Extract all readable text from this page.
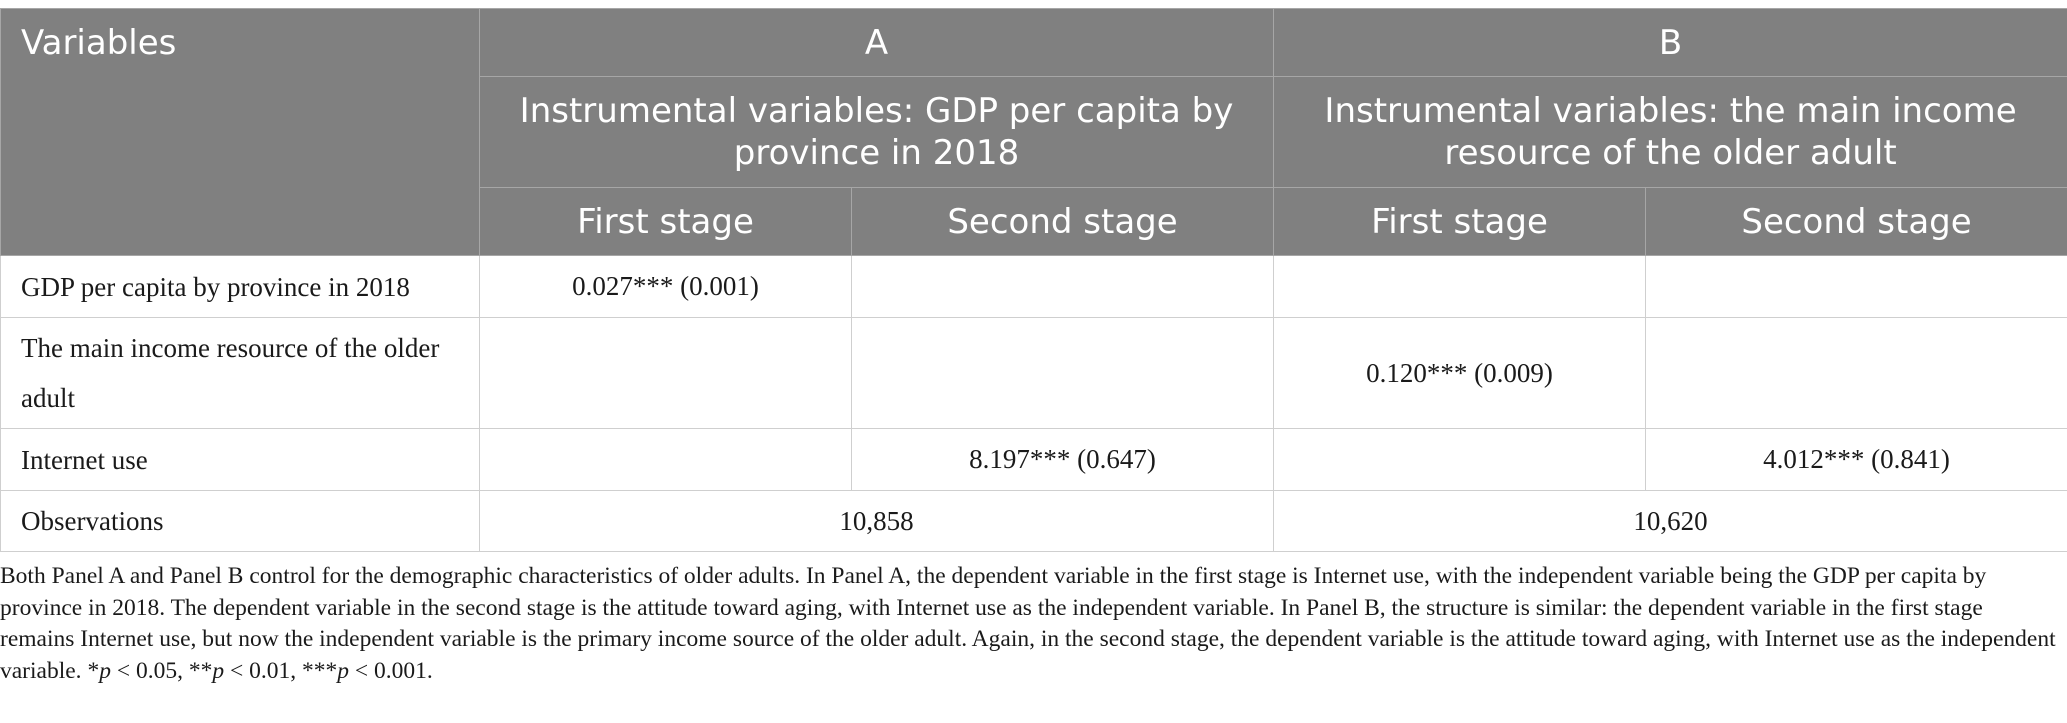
Variables	A		B	
	Instrumental variables: GDP per capita by province in 2018		Instrumental variables: the main income resource of the older adult	
	First stage	Second stage	First stage	Second stage
GDP per capita by province in 2018	0.027*** (0.001)			
The main income resource of the older adult			0.120*** (0.009)	
Internet use		8.197*** (0.647)		4.012*** (0.841)
Observations	10,858		10,620	
Both Panel A and Panel B control for the demographic characteristics of older adults. In Panel A, the dependent variable in the first stage is Internet use, with the independent variable being the GDP per capita by province in 2018. The dependent variable in the second stage is the attitude toward aging, with Internet use as the independent variable. In Panel B, the structure is similar: the dependent variable in the first stage remains Internet use, but now the independent variable is the primary income source of the older adult. Again, in the second stage, the dependent variable is the attitude toward aging, with Internet use as the independent variable. *p < 0.05, **p < 0.01, ***p < 0.001.
